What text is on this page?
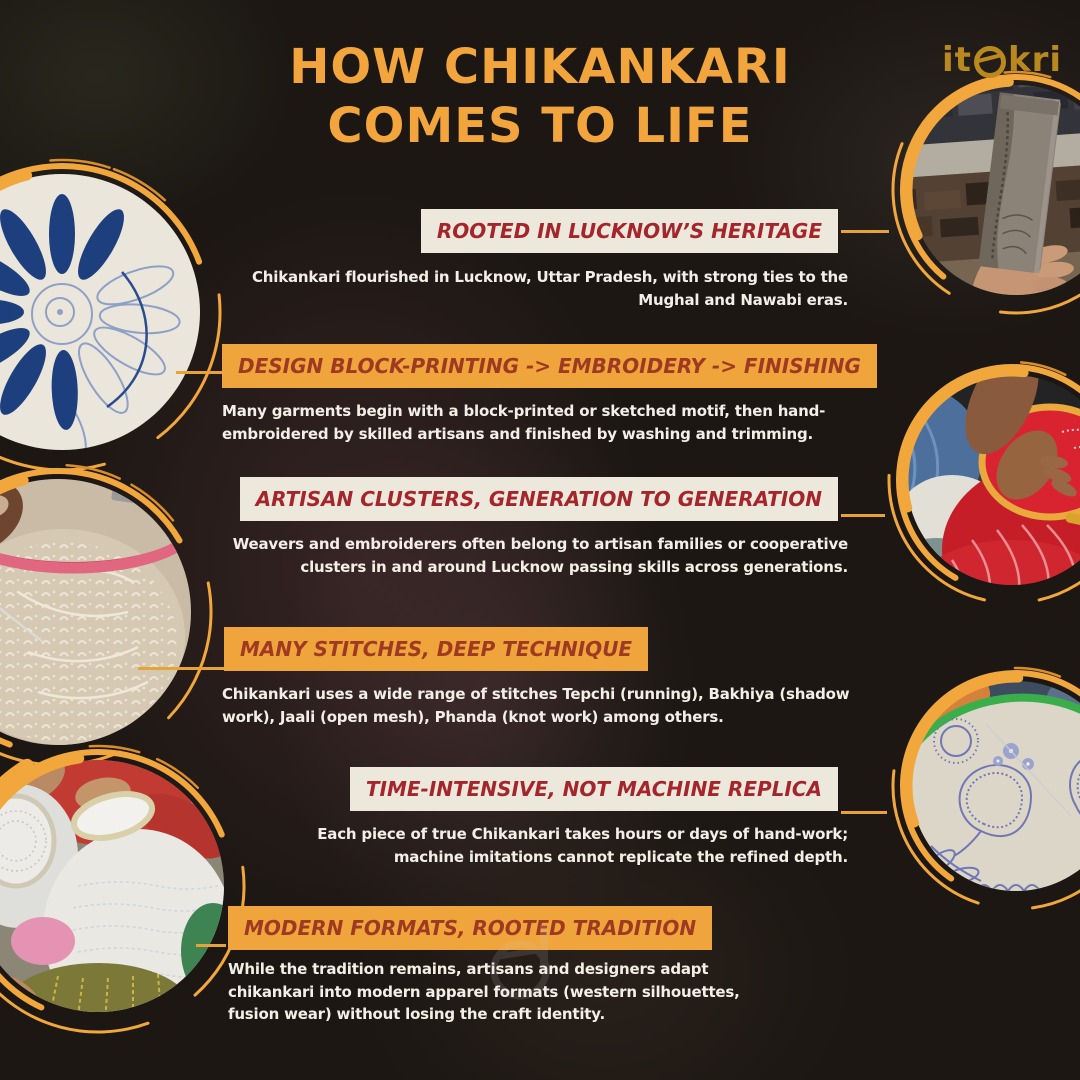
HOW CHIKANKARI
COMES TO LIFE
it kri
ROOTED IN LUCKNOW’S HERITAGE
Chikankari flourished in Lucknow, Uttar Pradesh, with strong ties to the Mughal and Nawabi eras.
DESIGN BLOCK-PRINTING -> EMBROIDERY -> FINISHING
Many garments begin with a block-printed or sketched motif, then hand-embroidered by skilled artisans and finished by washing and trimming.
ARTISAN CLUSTERS, GENERATION TO GENERATION
Weavers and embroiderers often belong to artisan families or cooperative clusters in and around Lucknow passing skills across generations.
MANY STITCHES, DEEP TECHNIQUE
Chikankari uses a wide range of stitches Tepchi (running), Bakhiya (shadow work), Jaali (open mesh), Phanda (knot work) among others.
TIME-INTENSIVE, NOT MACHINE REPLICA
Each piece of true Chikankari takes hours or days of hand-work; machine imitations cannot replicate the refined depth.
MODERN FORMATS, ROOTED TRADITION
While the tradition remains, artisans and designers adapt chikankari into modern apparel formats (western silhouettes, fusion wear) without losing the craft identity.
